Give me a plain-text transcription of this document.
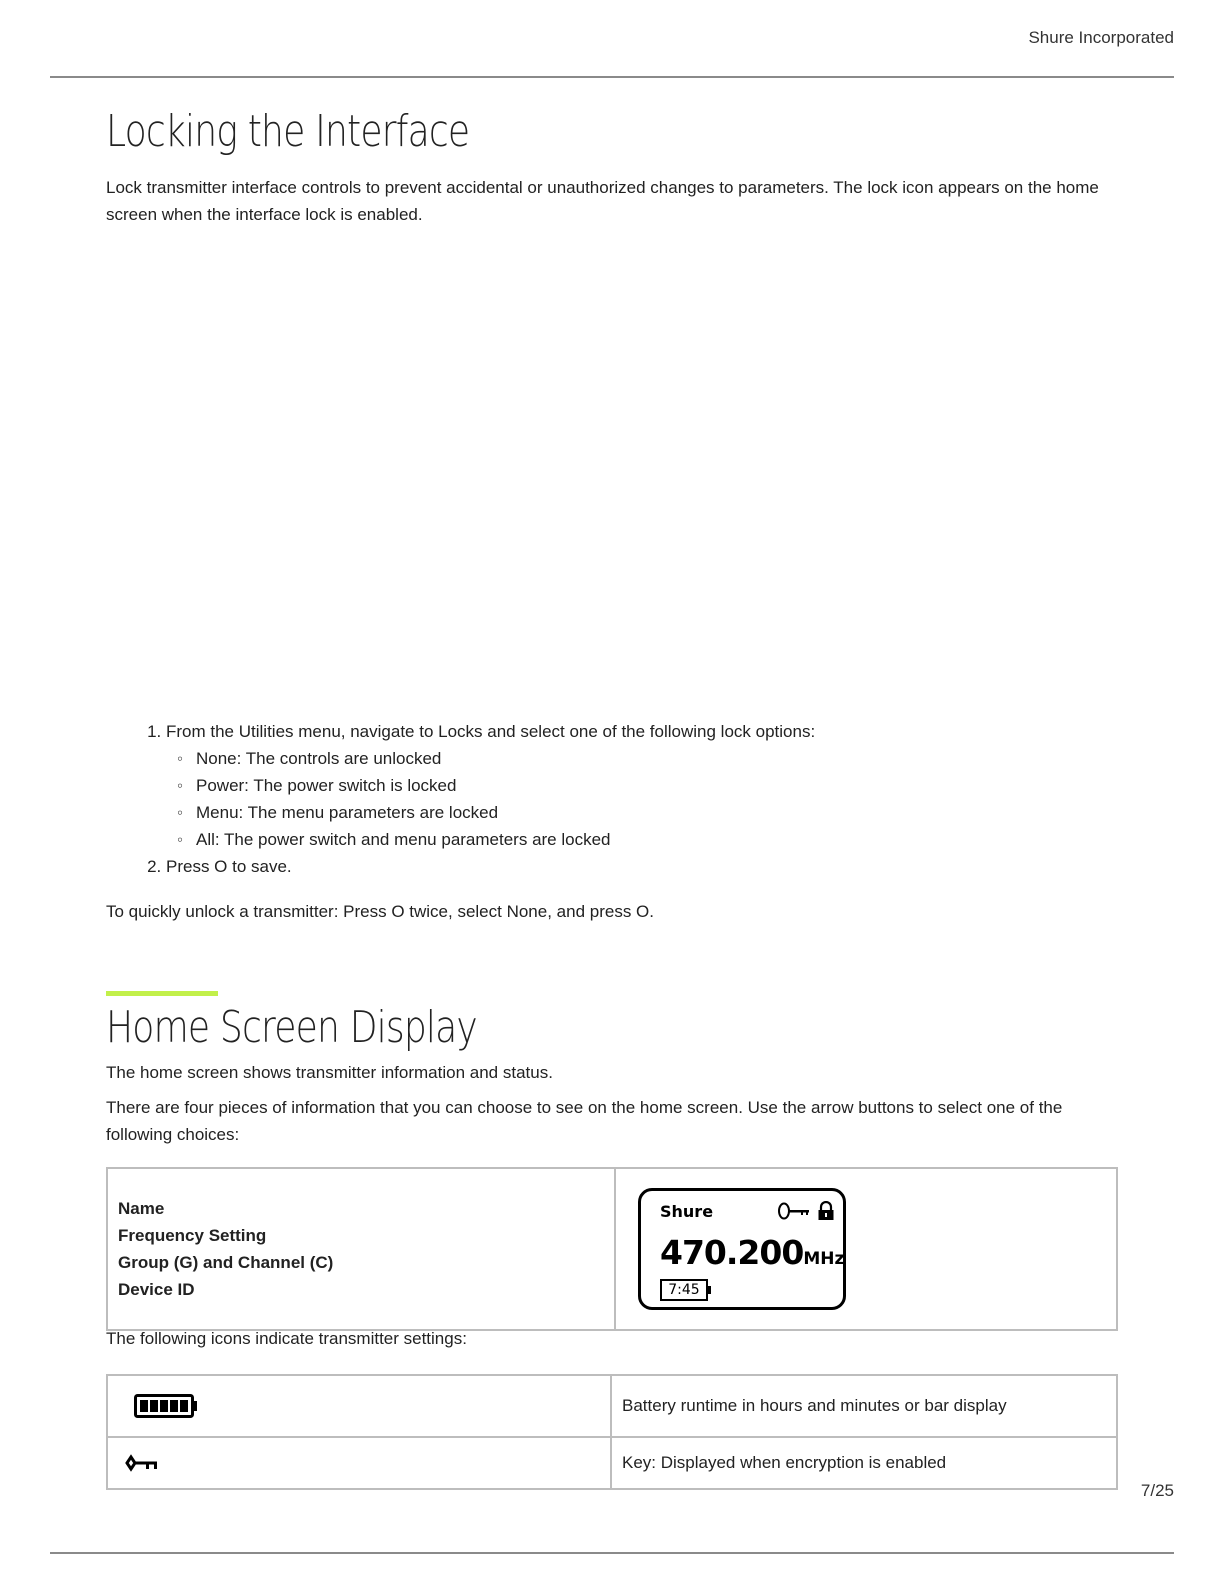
Shure Incorporated
Locking the Interface

Lock transmitter interface controls to prevent accidental or unauthorized changes to parameters. The lock icon appears on the home screen when the interface lock is enabled.

1. From the Utilities menu, navigate to Locks and select one of the following lock options:
◦ None: The controls are unlocked
◦ Power: The power switch is locked
◦ Menu: The menu parameters are locked
◦ All: The power switch and menu parameters are locked
2. Press O to save.

To quickly unlock a transmitter: Press O twice, select None, and press O.

Home Screen Display

The home screen shows transmitter information and status.

There are four pieces of information that you can choose to see on the home screen. Use the arrow buttons to select one of the following choices:

Name
Frequency Setting
Group (G) and Channel (C)
Device ID

Shure
470.200MHz
7:45

The following icons indicate transmitter settings:

	Battery runtime in hours and minutes or bar display

	Key: Displayed when encryption is enabled
7/25
